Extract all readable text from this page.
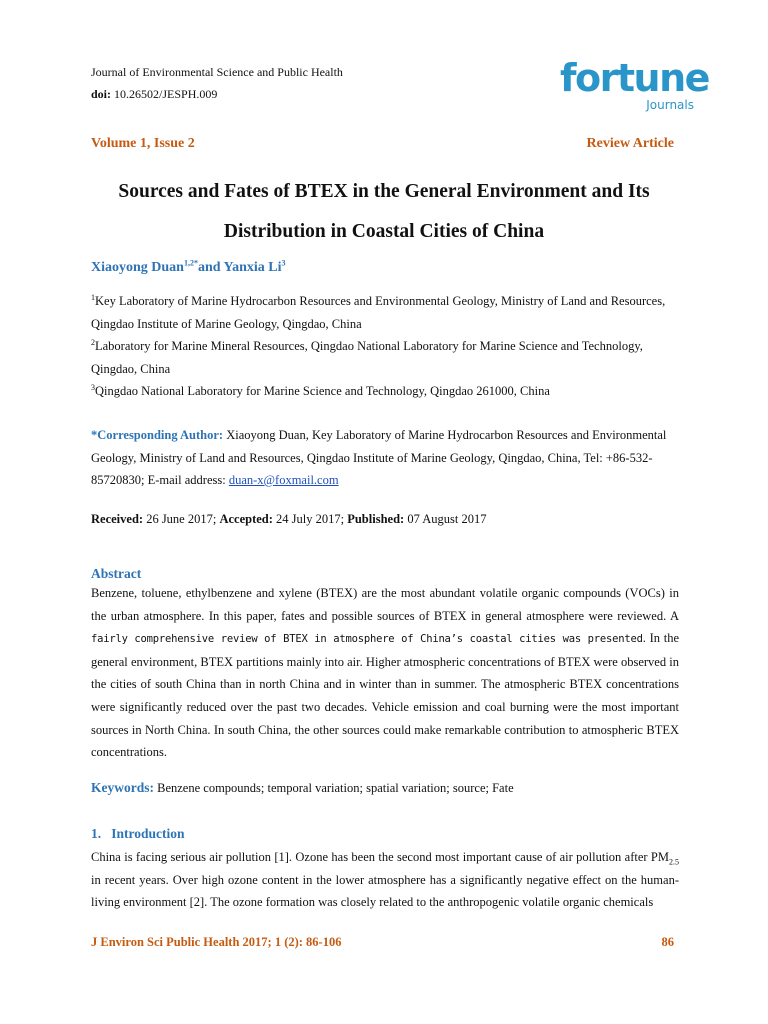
Journal of Environmental Science and Public Health
doi: 10.26502/JESPH.009	fortune
Journals
Volume 1, Issue 2	Review Article
Sources and Fates of BTEX in the General Environment and Its
Distribution in Coastal Cities of China
Xiaoyong Duan$^{1,2*}$and Yanxia Li$^3$
$^1$Key Laboratory of Marine Hydrocarbon Resources and Environmental Geology, Ministry of Land and Resources,
Qingdao Institute of Marine Geology, Qingdao, China
$^2$Laboratory for Marine Mineral Resources, Qingdao National Laboratory for Marine Science and Technology,
Qingdao, China
$^3$Qingdao National Laboratory for Marine Science and Technology, Qingdao 261000, China
*Corresponding Author: Xiaoyong Duan, Key Laboratory of Marine Hydrocarbon Resources and Environmental Geology, Ministry of Land and Resources, Qingdao Institute of Marine Geology, Qingdao, China, Tel: +86-532-85720830; E-mail address: duan-x@foxmail.com
Received: 26 June 2017; Accepted: 24 July 2017; Published: 07 August 2017
Abstract
Benzene, toluene, ethylbenzene and xylene (BTEX) are the most abundant volatile organic compounds (VOCs) in the urban atmosphere. In this paper, fates and possible sources of BTEX in general atmosphere were reviewed. A fairly comprehensive review of BTEX in atmosphere of China’s coastal cities was presented. In the general environment, BTEX partitions mainly into air. Higher atmospheric concentrations of BTEX were observed in the cities of south China than in north China and in winter than in summer. The atmospheric BTEX concentrations were significantly reduced over the past two decades. Vehicle emission and coal burning were the most important sources in North China. In south China, the other sources could make remarkable contribution to atmospheric BTEX concentrations.
Keywords: Benzene compounds; temporal variation; spatial variation; source; Fate
1.   Introduction
China is facing serious air pollution [1]. Ozone has been the second most important cause of air pollution after $PM_{2.5}$ in recent years. Over high ozone content in the lower atmosphere has a significantly negative effect on the human-living environment [2]. The ozone formation was closely related to the anthropogenic volatile organic chemicals
J Environ Sci Public Health 2017; 1 (2): 86-106	86
